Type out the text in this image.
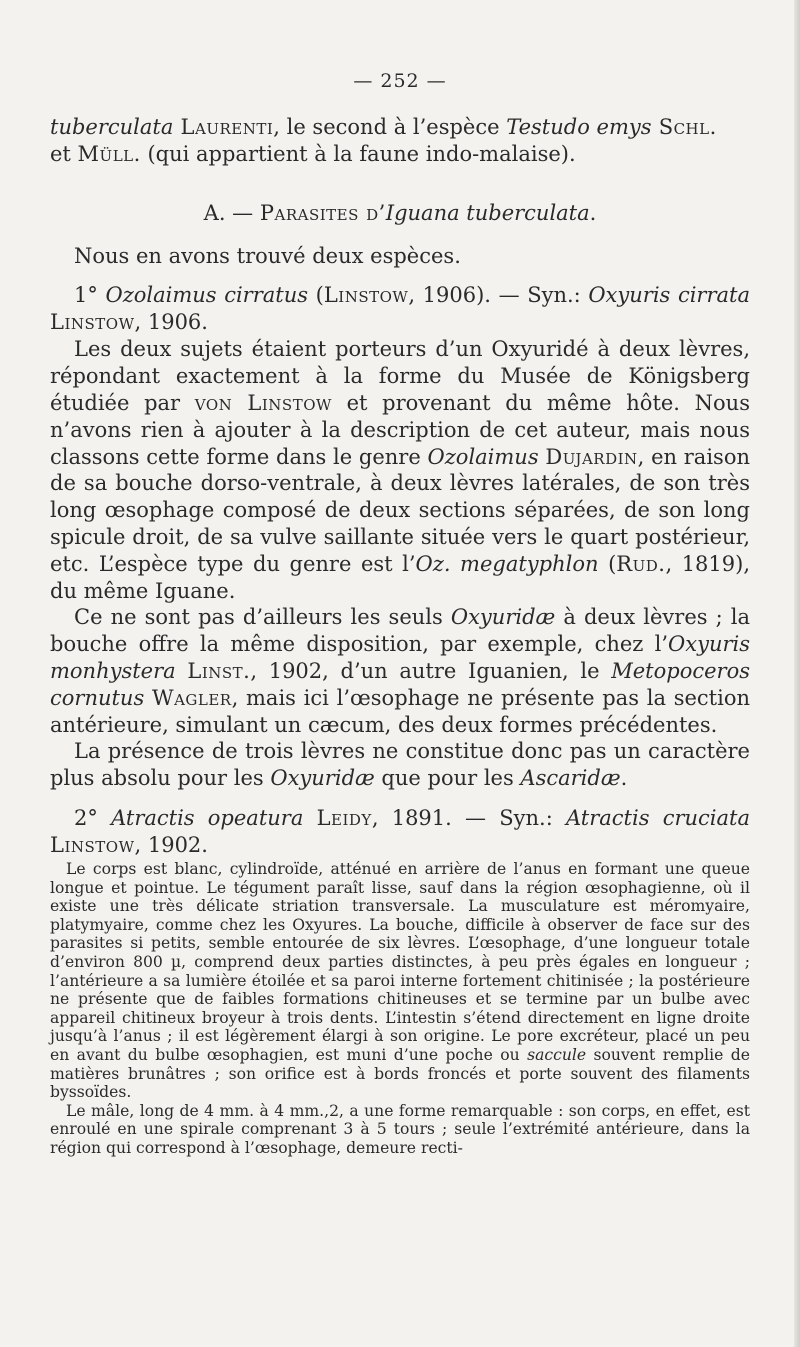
— 252 —

tuberculata Laurenti, le second à l’espèce Testudo emys Schl.
et Müll. (qui appartient à la faune indo-malaise).

A. — Parasites d’Iguana tuberculata.

Nous en avons trouvé deux espèces.

1° Ozolaimus cirratus (Linstow, 1906). — Syn.: Oxyuris cirrata Linstow, 1906.

Les deux sujets étaient porteurs d’un Oxyuridé à deux lèvres, répondant exactement à la forme du Musée de Königsberg étudiée par von Linstow et provenant du même hôte. Nous n’avons rien à ajouter à la description de cet auteur, mais nous classons cette forme dans le genre Ozolaimus Dujardin, en raison de sa bouche dorso-ventrale, à deux lèvres latérales, de son très long œsophage composé de deux sections séparées, de son long spicule droit, de sa vulve saillante située vers le quart postérieur, etc. L’espèce type du genre est l’Oz. megatyphlon (Rud., 1819), du même Iguane.

Ce ne sont pas d’ailleurs les seuls Oxyuridæ à deux lèvres ; la bouche offre la même disposition, par exemple, chez l’Oxyuris monhystera Linst., 1902, d’un autre Iguanien, le Metopoceros cornutus Wagler, mais ici l’œsophage ne présente pas la section antérieure, simulant un cæcum, des deux formes précédentes.

La présence de trois lèvres ne constitue donc pas un caractère plus absolu pour les Oxyuridæ que pour les Ascaridæ.

2° Atractis opeatura Leidy, 1891. — Syn.: Atractis cruciata Linstow, 1902.

Le corps est blanc, cylindroïde, atténué en arrière de l’anus en formant une queue longue et pointue. Le tégument paraît lisse, sauf dans la région œsophagienne, où il existe une très délicate striation transversale. La musculature est méromyaire, platymyaire, comme chez les Oxyures. La bouche, difficile à observer de face sur des parasites si petits, semble entourée de six lèvres. L’œsophage, d’une longueur totale d’environ 800 µ, comprend deux parties distinctes, à peu près égales en longueur ; l’antérieure a sa lumière étoilée et sa paroi interne fortement chitinisée ; la postérieure ne présente que de faibles formations chitineuses et se termine par un bulbe avec appareil chitineux broyeur à trois dents. L’intestin s’étend directement en ligne droite jusqu’à l’anus ; il est légèrement élargi à son origine. Le pore excréteur, placé un peu en avant du bulbe œsophagien, est muni d’une poche ou saccule souvent remplie de matières brunâtres ; son orifice est à bords froncés et porte souvent des filaments byssoïdes.

Le mâle, long de 4 mm. à 4 mm.,2, a une forme remarquable : son corps, en effet, est enroulé en une spirale comprenant 3 à 5 tours ; seule l’extrémité antérieure, dans la région qui correspond à l’œsophage, demeure recti-
